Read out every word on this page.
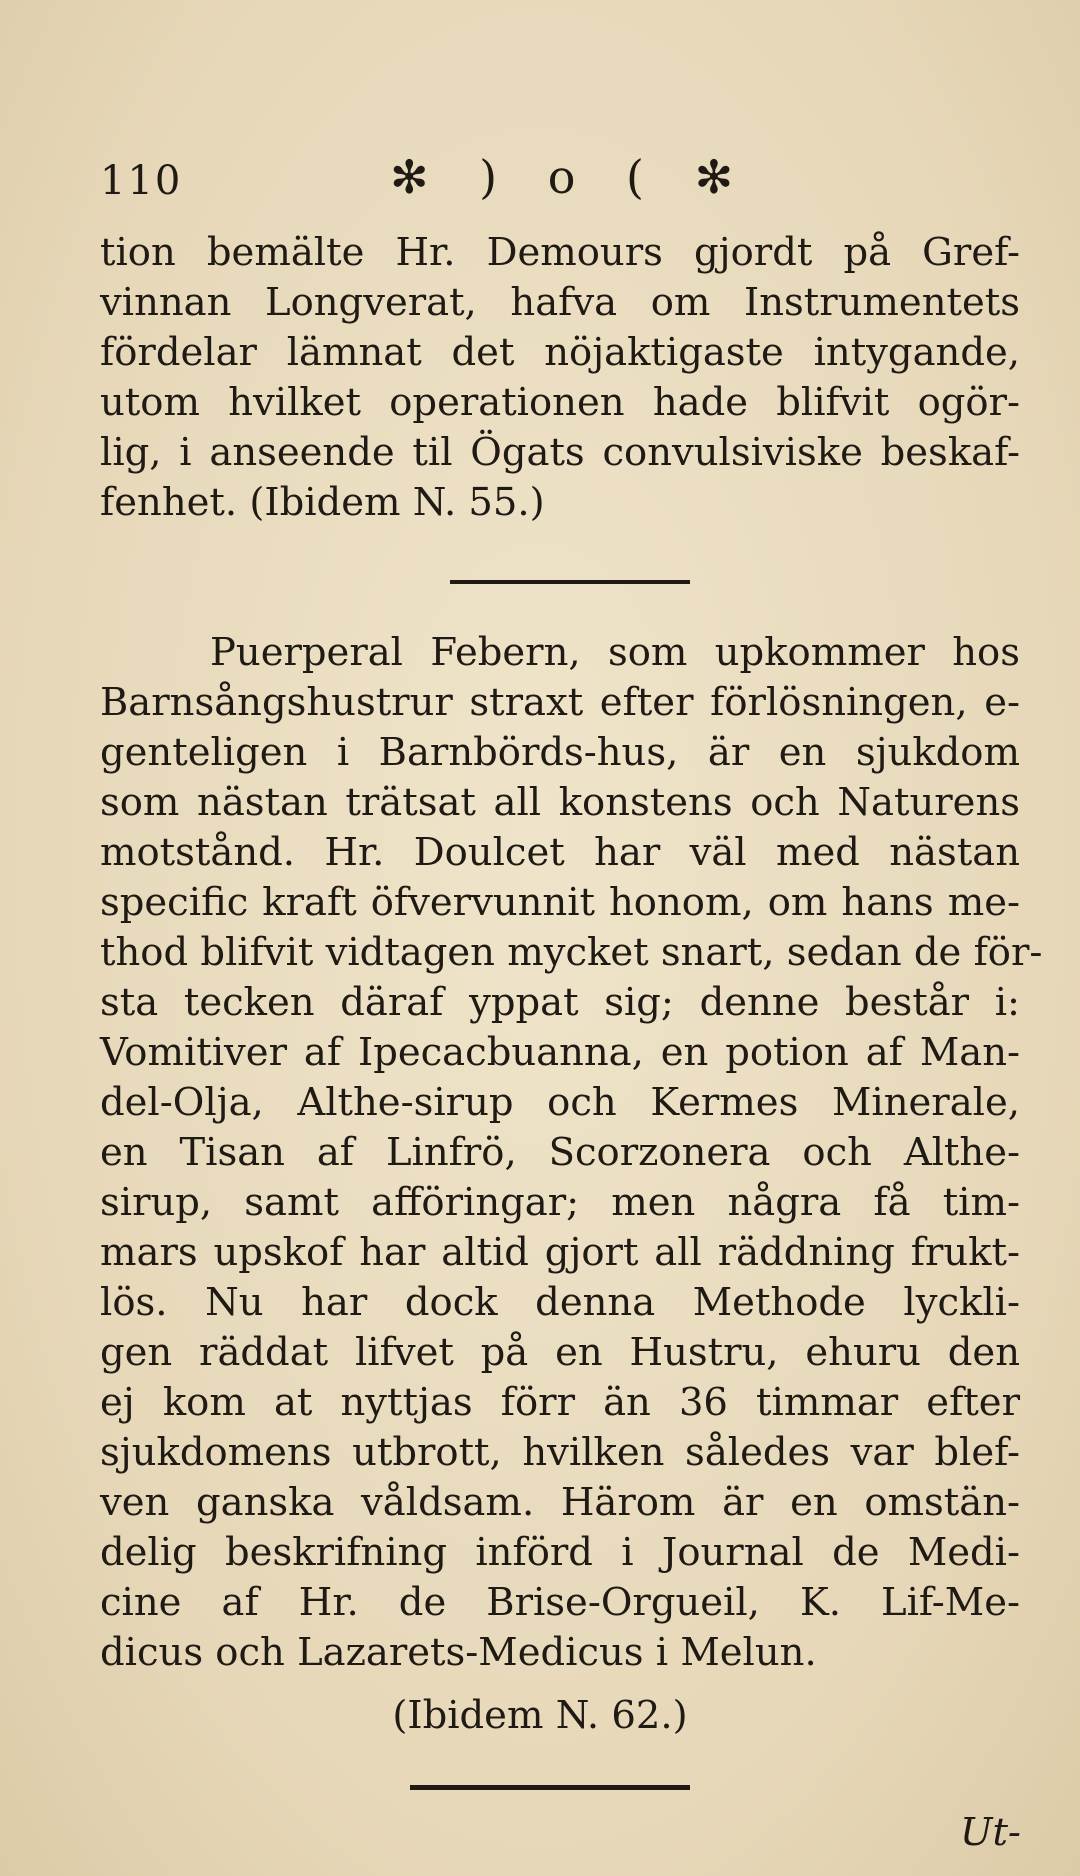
110	✻ ) o ( ✻
tion bemälte Hr. Demours gjordt på Gref-
vinnan Longverat, hafva om Instrumentets
fördelar lämnat det nöjaktigaste intygande,
utom hvilket operationen hade blifvit ogör-
lig, i anseende til Ögats convulsiviske beskaf-
fenhet. (Ibidem N. 55.)
Puerperal Febern, som upkommer hos
Barnsångshustrur straxt efter förlösningen, e-
genteligen i Barnbörds-hus, är en sjukdom
som nästan trätsat all konstens och Naturens
motstånd. Hr. Doulcet har väl med nästan
specific kraft öfvervunnit honom, om hans me-
thod blifvit vidtagen mycket snart, sedan de för-
sta tecken däraf yppat sig; denne består i:
Vomitiver af Ipecacbuanna, en potion af Man-
del-Olja, Althe-sirup och Kermes Minerale,
en Tisan af Linfrö, Scorzonera och Althe-
sirup, samt afföringar; men några få tim-
mars upskof har altid gjort all räddning frukt-
lös. Nu har dock denna Methode lyckli-
gen räddat lifvet på en Hustru, ehuru den
ej kom at nyttjas förr än 36 timmar efter
sjukdomens utbrott, hvilken således var blef-
ven ganska våldsam. Härom är en omstän-
delig beskrifning införd i Journal de Medi-
cine af Hr. de Brise-Orgueil, K. Lif-Me-
dicus och Lazarets-Medicus i Melun.
(Ibidem N. 62.)
Ut-
